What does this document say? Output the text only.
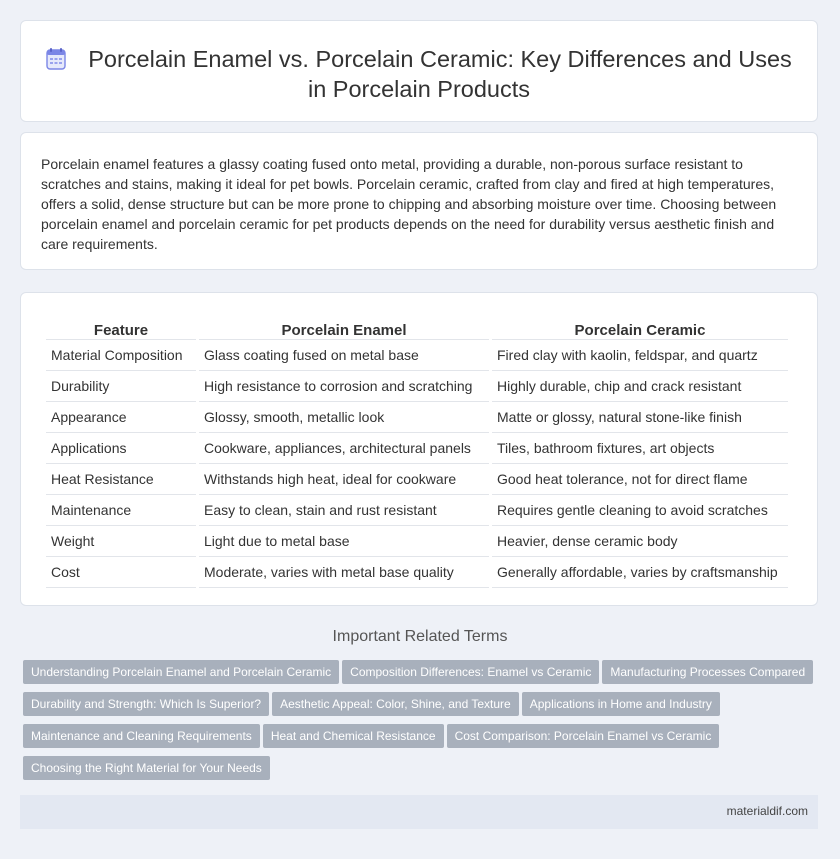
Porcelain Enamel vs. Porcelain Ceramic: Key Differences and Uses in Porcelain Products

Porcelain enamel features a glassy coating fused onto metal, providing a durable, non-porous surface resistant to scratches and stains, making it ideal for pet bowls. Porcelain ceramic, crafted from clay and fired at high temperatures, offers a solid, dense structure but can be more prone to chipping and absorbing moisture over time. Choosing between porcelain enamel and porcelain ceramic for pet products depends on the need for durability versus aesthetic finish and care requirements.

Feature	Porcelain Enamel	Porcelain Ceramic
Material Composition	Glass coating fused on metal base	Fired clay with kaolin, feldspar, and quartz
Durability	High resistance to corrosion and scratching	Highly durable, chip and crack resistant
Appearance	Glossy, smooth, metallic look	Matte or glossy, natural stone-like finish
Applications	Cookware, appliances, architectural panels	Tiles, bathroom fixtures, art objects
Heat Resistance	Withstands high heat, ideal for cookware	Good heat tolerance, not for direct flame
Maintenance	Easy to clean, stain and rust resistant	Requires gentle cleaning to avoid scratches
Weight	Light due to metal base	Heavier, dense ceramic body
Cost	Moderate, varies with metal base quality	Generally affordable, varies by craftsmanship
Important Related Terms
Understanding Porcelain Enamel and Porcelain Ceramic Composition Differences: Enamel vs Ceramic Manufacturing Processes Compared
Durability and Strength: Which Is Superior? Aesthetic Appeal: Color, Shine, and Texture Applications in Home and Industry
Maintenance and Cleaning Requirements Heat and Chemical Resistance Cost Comparison: Porcelain Enamel vs Ceramic
Choosing the Right Material for Your Needs
materialdif.com
